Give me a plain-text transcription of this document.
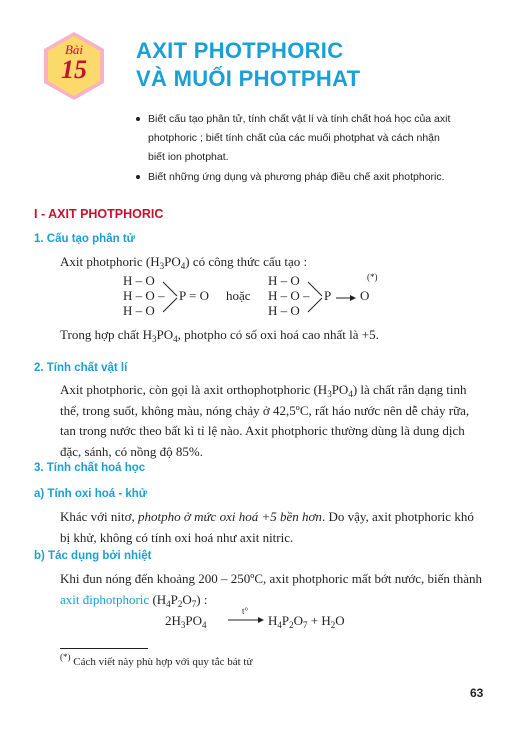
Bài
15
AXIT PHOTPHORIC
VÀ MUỐI PHOTPHAT
Biết cấu tạo phân tử, tính chất vật lí và tính chất hoá học của axit
photphoric ; biết tính chất của các muối photphat và cách nhận
biết ion photphat.
Biết những ứng dụng và phương pháp điều chế axit photphoric.
I - AXIT PHOTPHORIC
1. Cấu tạo phân tử
Axit photphoric $(H_3PO_4)$ có công thức cấu tạo :
H – O
H – O –
H – O
P = O hoặc
H – O
H – O –
H – O
P O
(*)
Trong hợp chất $H_3PO_4$, photpho có số oxi hoá cao nhất là +5.
2. Tính chất vật lí
Axit photphoric, còn gọi là axit orthophotphoric $(H_3PO_4)$ là chất rắn dạng tinh
thể, trong suốt, không màu, nóng chảy ở 42,5ºC, rất háo nước nên dễ chảy rữa,
tan trong nước theo bất kì tỉ lệ nào. Axit photphoric thường dùng là dung dịch
đặc, sánh, có nồng độ 85%.
3. Tính chất hoá học
a) Tính oxi hoá - khử
Khác với nitơ, photpho ở mức oxi hoá +5 bền hơn. Do vậy, axit photphoric khó
bị khử, không có tính oxi hoá như axit nitric.
b) Tác dụng bởi nhiệt
Khi đun nóng đến khoảng 200 – 250ºC, axit photphoric mất bớt nước, biến thành
axit điphotphoric $(H_4P_2O_7)$ :
$2H_3PO_4$
t°
→ $H_4P_2O_7 + H_2O$
(*) Cách viết này phù hợp với quy tắc bát tử
63
